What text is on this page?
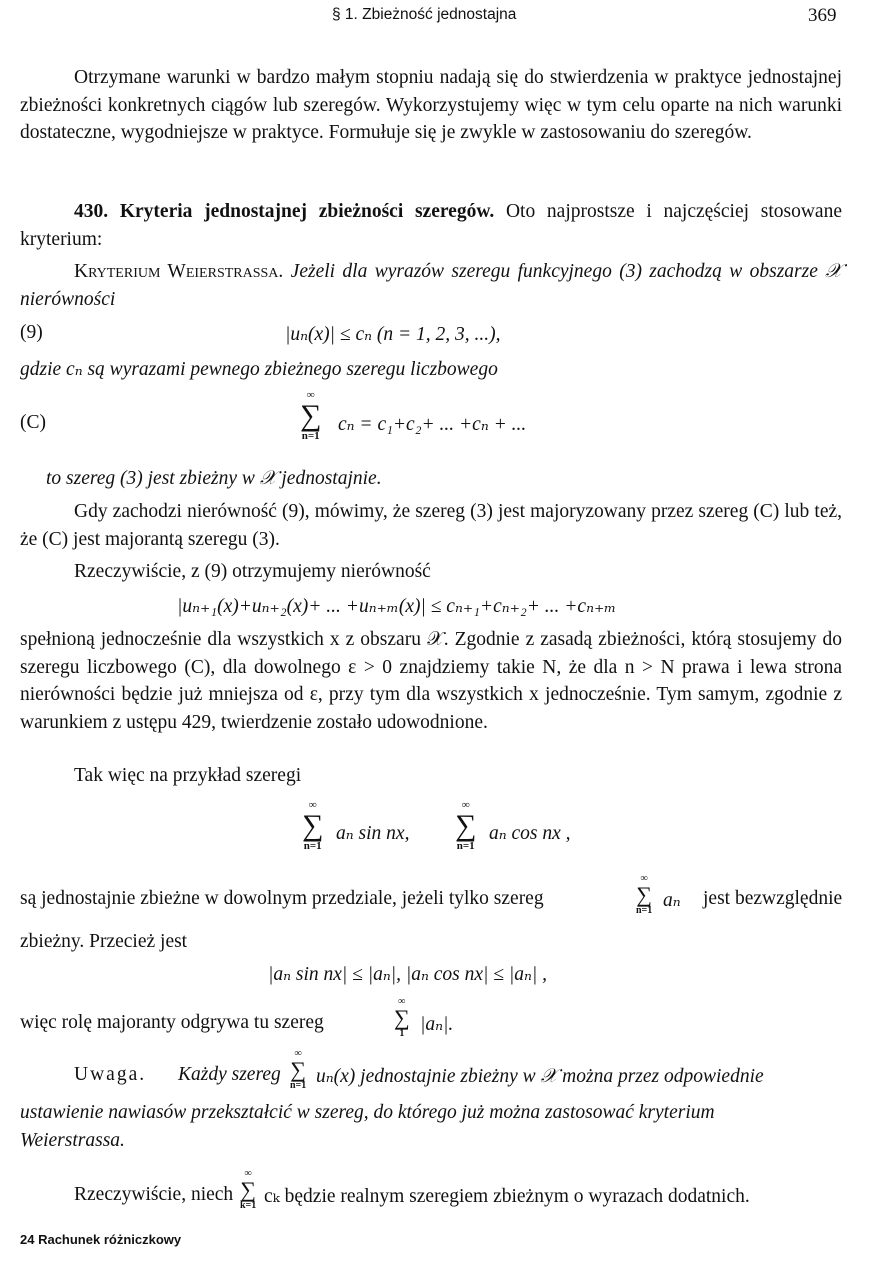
§ 1. Zbieżność jednostajna	369
Otrzymane warunki w bardzo małym stopniu nadają się do stwierdzenia w praktyce jednostajnej zbieżności konkretnych ciągów lub szeregów. Wykorzystujemy więc w tym celu oparte na nich warunki dostateczne, wygodniejsze w praktyce. Formułuje się je zwykle w zastosowaniu do szeregów.
430. Kryteria jednostajnej zbieżności szeregów. Oto najprostsze i najczęściej stosowane kryterium:
Kryterium Weierstrassa. Jeżeli dla wyrazów szeregu funkcyjnego (3) zachodzą w obszarze 𝒳 nierówności
(9)	|uₙ(x)| ≤ cₙ (n = 1, 2, 3, ...),
gdzie cₙ są wyrazami pewnego zbieżnego szeregu liczbowego
(C)
∞
∑
n=1
cₙ = c₁+c₂+ ... +cₙ + ...
to szereg (3) jest zbieżny w 𝒳 jednostajnie.
Gdy zachodzi nierówność (9), mówimy, że szereg (3) jest majoryzowany przez szereg (C) lub też, że (C) jest majorantą szeregu (3).
Rzeczywiście, z (9) otrzymujemy nierówność
|uₙ₊₁(x)+uₙ₊₂(x)+ ... +uₙ₊ₘ(x)| ≤ cₙ₊₁+cₙ₊₂+ ... +cₙ₊ₘ
spełnioną jednocześnie dla wszystkich x z obszaru 𝒳. Zgodnie z zasadą zbieżności, którą stosujemy do szeregu liczbowego (C), dla dowolnego ε > 0 znajdziemy takie N, że dla n > N prawa i lewa strona nierówności będzie już mniejsza od ε, przy tym dla wszystkich x jednocześnie. Tym samym, zgodnie z warunkiem z ustępu 429, twierdzenie zostało udowodnione.
Tak więc na przykład szeregi
∞
∑
n=1
aₙ sin nx,
∞
∑
n=1
aₙ cos nx ,
są jednostajnie zbieżne w dowolnym przedziale, jeżeli tylko szereg
∞
∑
n=1 aₙ jest bezwzględnie
zbieżny. Przecież jest
|aₙ sin nx| ≤ |aₙ|, |aₙ cos nx| ≤ |aₙ| ,
więc rolę majoranty odgrywa tu szereg
∞
∑
1 |aₙ|.
Uwaga. Każdy szereg
∞
∑
n=1 uₙ(x) jednostajnie zbieżny w 𝒳 można przez odpowiednie
ustawienie nawiasów przekształcić w szereg, do którego już można zastosować kryterium
Weierstrassa.
Rzeczywiście, niech
∞
∑
k=1 cₖ będzie realnym szeregiem zbieżnym o wyrazach dodatnich.
24 Rachunek różniczkowy
